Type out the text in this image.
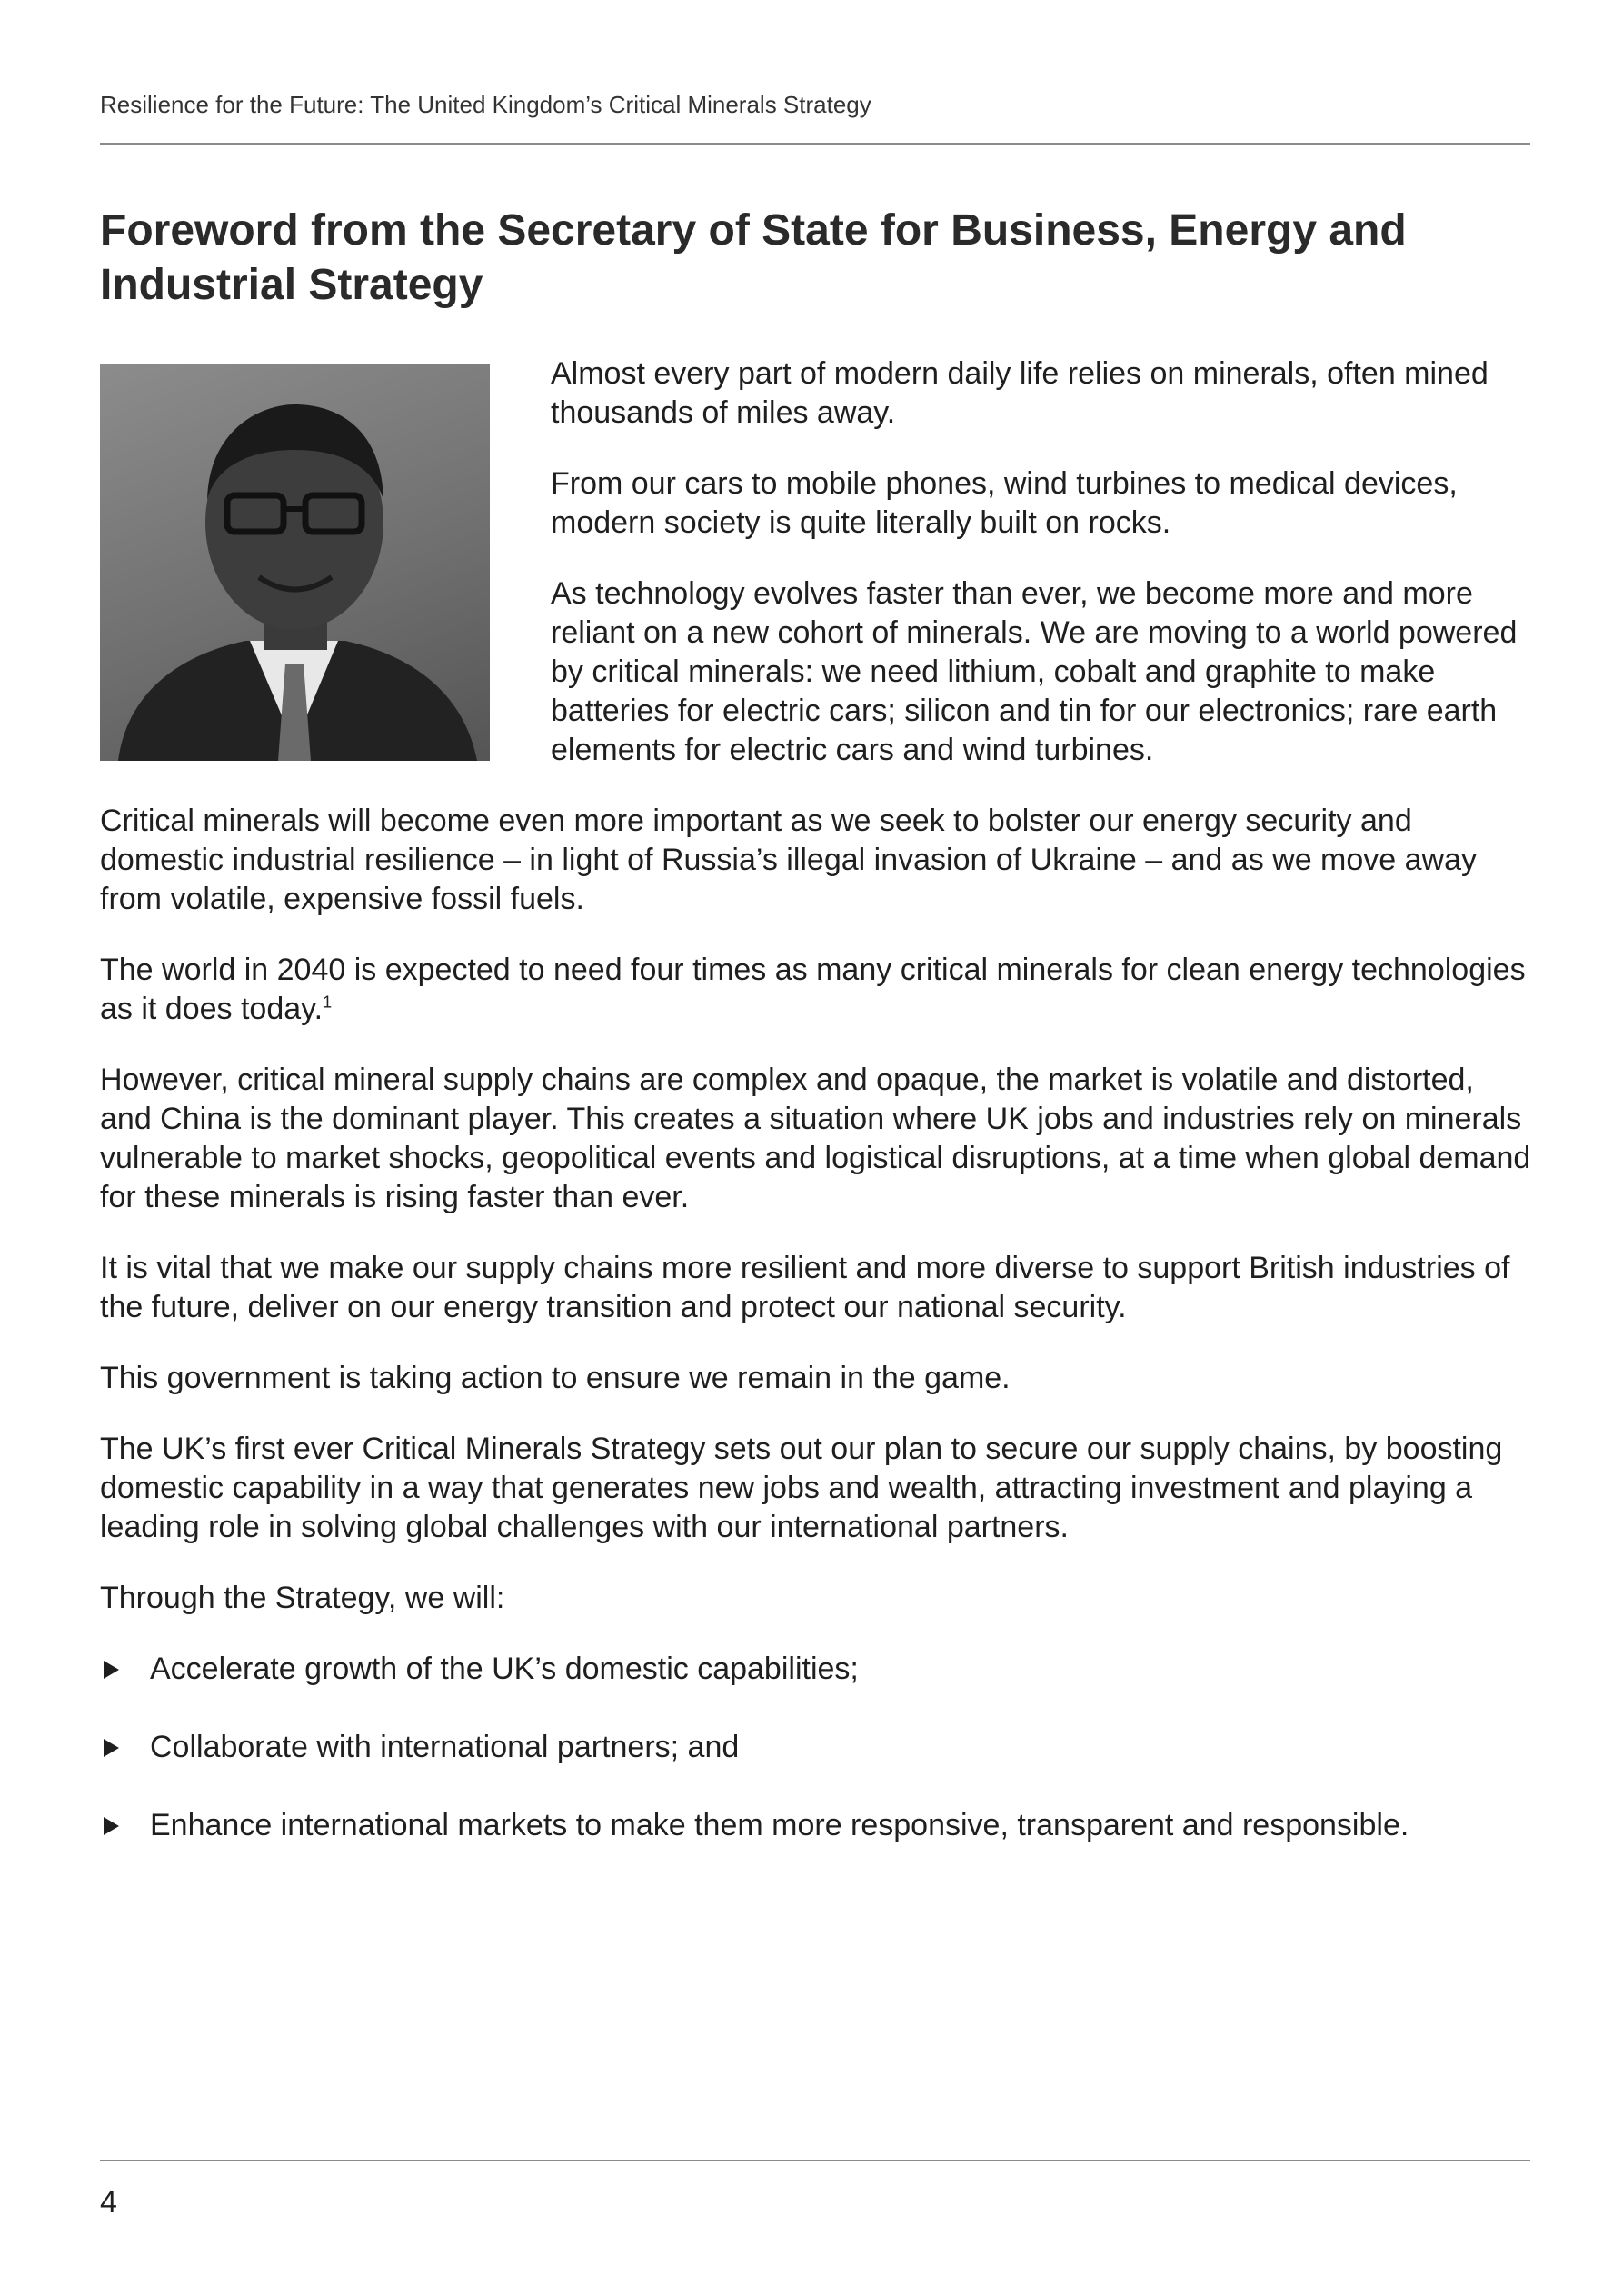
Resilience for the Future: The United Kingdom’s Critical Minerals Strategy
Foreword from the Secretary of State for Business, Energy and Industrial Strategy

Almost every part of modern daily life relies on minerals, often mined thousands of miles away.

From our cars to mobile phones, wind turbines to medical devices, modern society is quite literally built on rocks.

As technology evolves faster than ever, we become more and more reliant on a new cohort of minerals. We are moving to a world powered by critical minerals: we need lithium, cobalt and graphite to make batteries for electric cars; silicon and tin for our electronics; rare earth elements for electric cars and wind turbines.

Critical minerals will become even more important as we seek to bolster our energy security and domestic industrial resilience – in light of Russia’s illegal invasion of Ukraine – and as we move away from volatile, expensive fossil fuels.

The world in 2040 is expected to need four times as many critical minerals for clean energy technologies as it does today.$^1$

However, critical mineral supply chains are complex and opaque, the market is volatile and distorted, and China is the dominant player. This creates a situation where UK jobs and industries rely on minerals vulnerable to market shocks, geopolitical events and logistical disruptions, at a time when global demand for these minerals is rising faster than ever.

It is vital that we make our supply chains more resilient and more diverse to support British industries of the future, deliver on our energy transition and protect our national security.

This government is taking action to ensure we remain in the game.

The UK’s first ever Critical Minerals Strategy sets out our plan to secure our supply chains, by boosting domestic capability in a way that generates new jobs and wealth, attracting investment and playing a leading role in solving global challenges with our international partners.

Through the Strategy, we will:

Accelerate growth of the UK’s domestic capabilities;
Collaborate with international partners; and
Enhance international markets to make them more responsive, transparent and responsible.
4
